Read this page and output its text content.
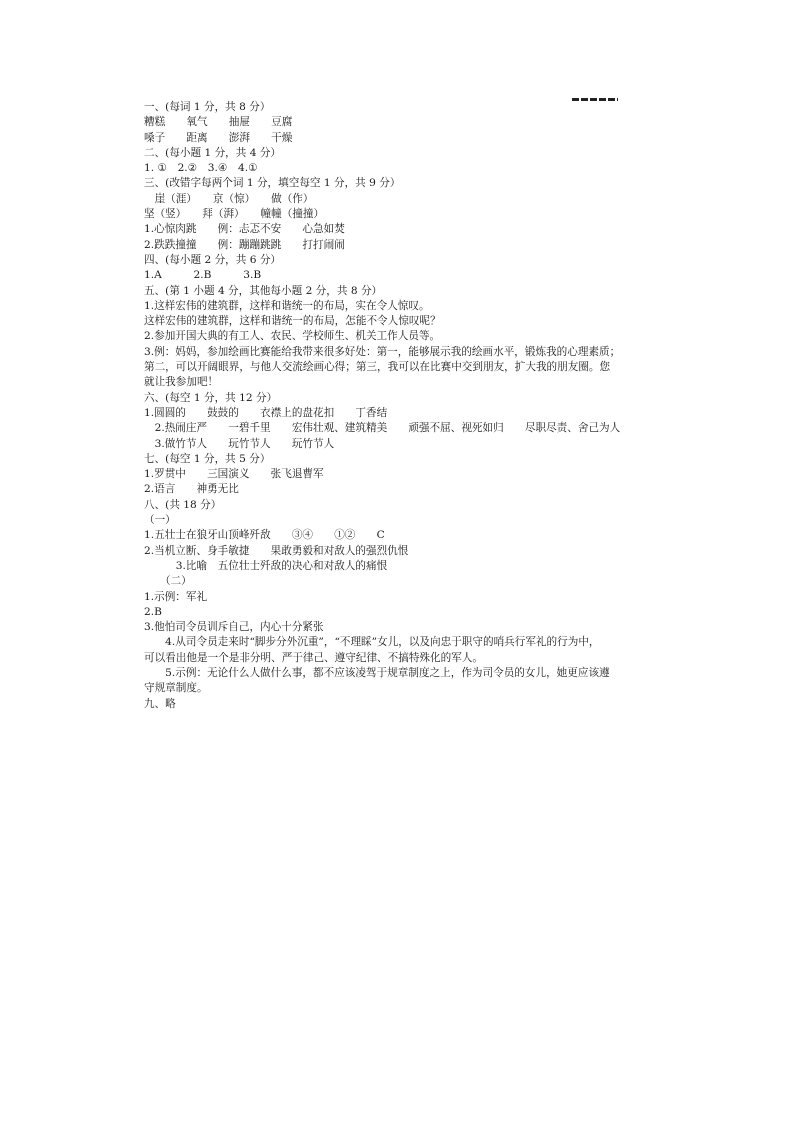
一、(每词 1 分，共 8 分）
糟糕　　氧气　　抽屉　　豆腐
嗓子　　距离　　澎湃　　干燥
二、(每小题 1 分，共 4 分）
1. ①　2.②　3.④　4.①
三、(改错字每两个词 1 分，填空每空 1 分，共 9 分）
　崖（涯）　　京（惊）　　做（作）
坚（竖）　　拜（湃）　　幢幢（撞撞）
1.心惊肉跳　　例：忐忑不安　　心急如焚
2.跌跌撞撞　　例：蹦蹦跳跳　　打打闹闹
四、(每小题 2 分，共 6 分）
1.A　　　2.B　　　3.B
五、(第 1 小题 4 分，其他每小题 2 分，共 8 分）
1.这样宏伟的建筑群，这样和谐统一的布局，实在令人惊叹。
这样宏伟的建筑群，这样和谐统一的布局，怎能不令人惊叹呢？
2.参加开国大典的有工人、农民、学校师生、机关工作人员等。
3.例：妈妈，参加绘画比赛能给我带来很多好处：第一，能够展示我的绘画水平，锻炼我的心理素质；
第二，可以开阔眼界，与他人交流绘画心得；第三，我可以在比赛中交到朋友，扩大我的朋友圈。您
就让我参加吧！
六、(每空 1 分，共 12 分）
1.圆圆的　　鼓鼓的　　衣襟上的盘花扣　　丁香结
　2.热闹庄严　　一碧千里　　宏伟壮观、建筑精美　　顽强不屈、视死如归　　尽职尽责、舍己为人
　3.做竹节人　　玩竹节人　　玩竹节人
七、(每空 1 分，共 5 分）
1.罗贯中　　三国演义　　张飞退曹军
2.语言　　神勇无比
八、(共 18 分）
（一）
1.五壮士在狼牙山顶峰歼敌　　③④　　①②　　C
2.当机立断、身手敏捷　　果敢勇毅和对敌人的强烈仇恨
　　　3.比喻　五位壮士歼敌的决心和对敌人的痛恨
　　（二）
1.示例：军礼
2.B
3.他怕司令员训斥自己，内心十分紧张
　　4.从司令员走来时“脚步分外沉重”，“不理睬”女儿，以及向忠于职守的哨兵行军礼的行为中，
可以看出他是一个是非分明、严于律己、遵守纪律、不搞特殊化的军人。
　　5.示例：无论什么人做什么事，都不应该凌驾于规章制度之上，作为司令员的女儿，她更应该遵
守规章制度。
九、略
